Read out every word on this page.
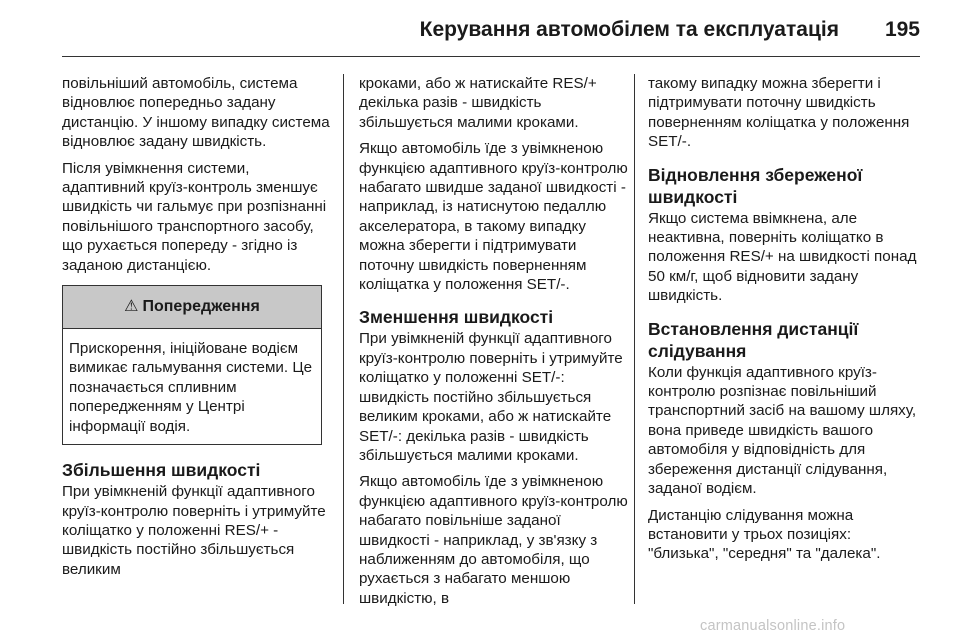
Керування автомобілем та експлуатація 195

повільніший автомобіль, система відновлює попередньо задану дистанцію. У іншому випадку система відновлює задану швидкість.

Після увімкнення системи, адаптивний круїз-контроль зменшує швидкість чи гальмує при розпізнанні повільнішого транспортного засобу, що рухається попереду - згідно із заданою дистанцією.

⚠ Попередження
Прискорення, ініційоване водієм вимикає гальмування системи. Це позначається спливним попередженням у Центрі інформації водія.
Збільшення швидкості

При увімкненій функції адаптивного круїз-контролю поверніть і утримуйте коліщатко у положенні RES/+ - швидкість постійно збільшується великим

кроками, або ж натискайте RES/+ декілька разів - швидкість збільшується малими кроками.

Якщо автомобіль їде з увімкненою функцією адаптивного круїз-контролю набагато швидше заданої швидкості - наприклад, із натиснутою педаллю акселератора, в такому випадку можна зберегти і підтримувати поточну швидкість поверненням коліщатка у положення SET/-.

Зменшення швидкості

При увімкненій функції адаптивного круїз-контролю поверніть і утримуйте коліщатко у положенні SET/-: швидкість постійно збільшується великим кроками, або ж натискайте SET/-: декілька разів - швидкість збільшується малими кроками.

Якщо автомобіль їде з увімкненою функцією адаптивного круїз-контролю набагато повільніше заданої швидкості - наприклад, у зв'язку з наближенням до автомобіля, що рухається з набагато меншою швидкістю, в

такому випадку можна зберегти і підтримувати поточну швидкість поверненням коліщатка у положення SET/-.

Відновлення збереженої швидкості

Якщо система ввімкнена, але неактивна, поверніть коліщатко в положення RES/+ на швидкості понад 50 км/г, щоб відновити задану швидкість.

Встановлення дистанції слідування

Коли функція адаптивного круїз-контролю розпізнає повільніший транспортний засіб на вашому шляху, вона приведе швидкість вашого автомобіля у відповідність для збереження дистанції слідування, заданої водієм.

Дистанцію слідування можна встановити у трьох позиціях: "близька", "середня" та "далека".

carmanualsonline.info
